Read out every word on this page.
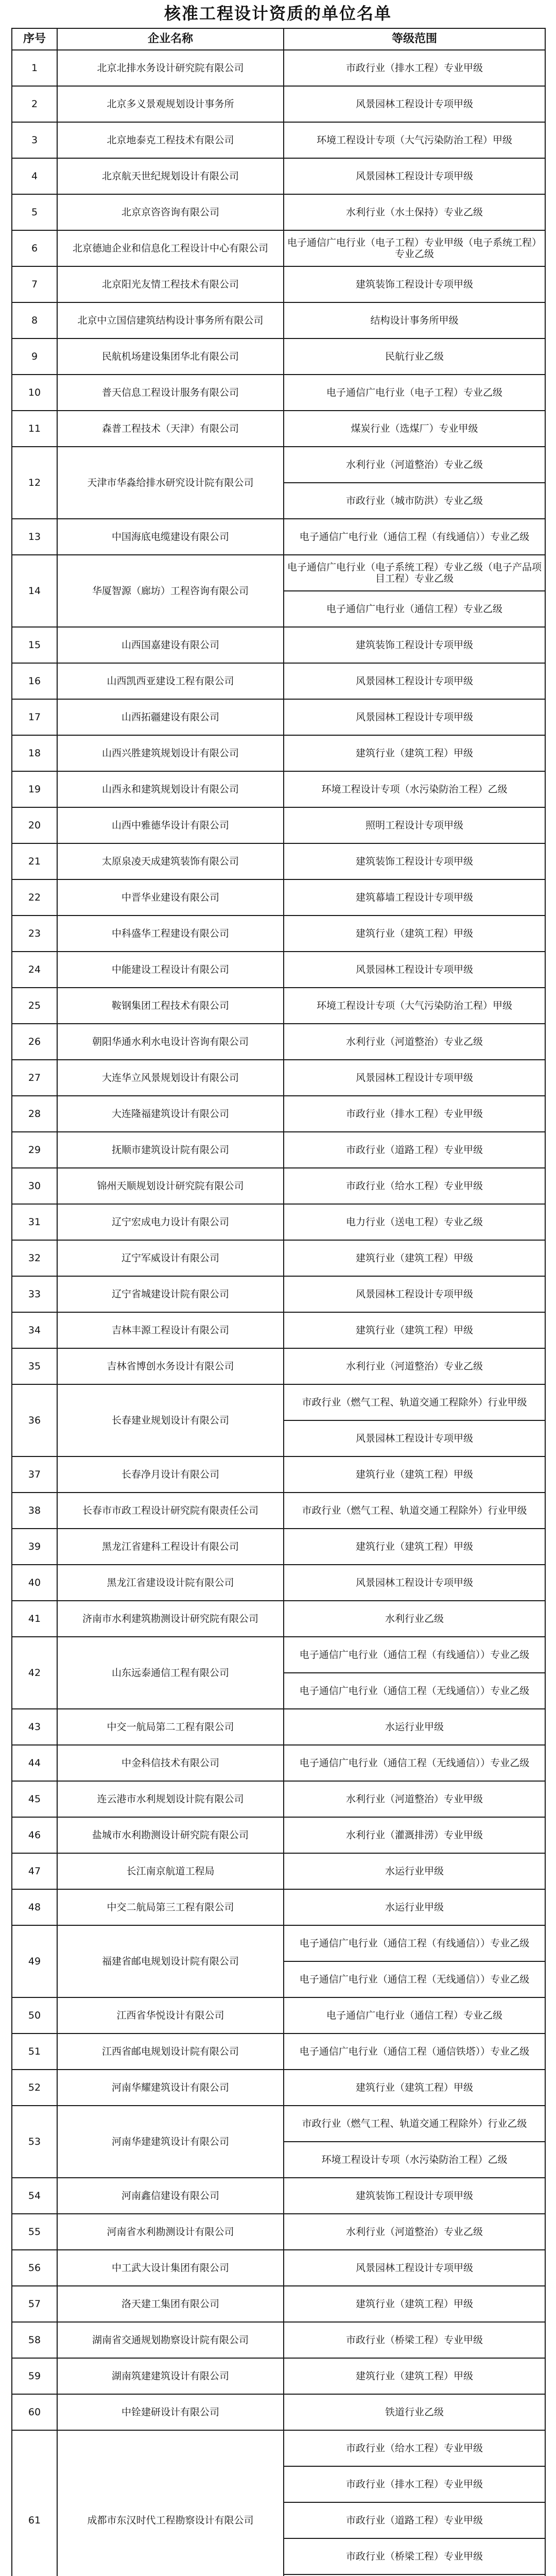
核准工程设计资质的单位名单
序号	企业名称	等级范围
1	北京北排水务设计研究院有限公司	市政行业（排水工程）专业甲级
2	北京多义景观规划设计事务所	风景园林工程设计专项甲级
3	北京地泰克工程技术有限公司	环境工程设计专项（大气污染防治工程）甲级
4	北京航天世纪规划设计有限公司	风景园林工程设计专项甲级
5	北京京咨咨询有限公司	水利行业（水土保持）专业乙级
6	北京德迪企业和信息化工程设计中心有限公司	电子通信广电行业（电子工程）专业甲级（电子系统工程）专业乙级
7	北京阳光友情工程技术有限公司	建筑装饰工程设计专项甲级
8	北京中立国信建筑结构设计事务所有限公司	结构设计事务所甲级
9	民航机场建设集团华北有限公司	民航行业乙级
10	普天信息工程设计服务有限公司	电子通信广电行业（电子工程）专业乙级
11	森普工程技术（天津）有限公司	煤炭行业（选煤厂）专业甲级
12	天津市华淼给排水研究设计院有限公司	水利行业（河道整治）专业乙级
		市政行业（城市防洪）专业乙级
13	中国海底电缆建设有限公司	电子通信广电行业（通信工程（有线通信））专业乙级
14	华厦智源（廊坊）工程咨询有限公司	电子通信广电行业（电子系统工程）专业乙级（电子产品项目工程）专业乙级
		电子通信广电行业（通信工程）专业乙级
15	山西国嘉建设有限公司	建筑装饰工程设计专项甲级
16	山西凯西亚建设工程有限公司	风景园林工程设计专项甲级
17	山西拓疆建设有限公司	风景园林工程设计专项甲级
18	山西兴胜建筑规划设计有限公司	建筑行业（建筑工程）甲级
19	山西永和建筑规划设计有限公司	环境工程设计专项（水污染防治工程）乙级
20	山西中雅德华设计有限公司	照明工程设计专项甲级
21	太原泉凌天成建筑装饰有限公司	建筑装饰工程设计专项甲级
22	中晋华业建设有限公司	建筑幕墙工程设计专项甲级
23	中科盛华工程建设有限公司	建筑行业（建筑工程）甲级
24	中能建设工程设计有限公司	风景园林工程设计专项甲级
25	鞍钢集团工程技术有限公司	环境工程设计专项（大气污染防治工程）甲级
26	朝阳华通水利水电设计咨询有限公司	水利行业（河道整治）专业乙级
27	大连华立风景规划设计有限公司	风景园林工程设计专项甲级
28	大连隆福建筑设计有限公司	市政行业（排水工程）专业甲级
29	抚顺市建筑设计院有限公司	市政行业（道路工程）专业甲级
30	锦州天顺规划设计研究院有限公司	市政行业（给水工程）专业甲级
31	辽宁宏成电力设计有限公司	电力行业（送电工程）专业乙级
32	辽宁军威设计有限公司	建筑行业（建筑工程）甲级
33	辽宁省城建设计院有限公司	风景园林工程设计专项甲级
34	吉林丰源工程设计有限公司	建筑行业（建筑工程）甲级
35	吉林省博创水务设计有限公司	水利行业（河道整治）专业乙级
36	长春建业规划设计有限公司	市政行业（燃气工程、轨道交通工程除外）行业甲级
		风景园林工程设计专项甲级
37	长春净月设计有限公司	建筑行业（建筑工程）甲级
38	长春市市政工程设计研究院有限责任公司	市政行业（燃气工程、轨道交通工程除外）行业甲级
39	黑龙江省建科工程设计有限公司	建筑行业（建筑工程）甲级
40	黑龙江省建设设计院有限公司	风景园林工程设计专项甲级
41	济南市水利建筑勘测设计研究院有限公司	水利行业乙级
42	山东远泰通信工程有限公司	电子通信广电行业（通信工程（有线通信））专业乙级
		电子通信广电行业（通信工程（无线通信））专业乙级
43	中交一航局第二工程有限公司	水运行业甲级
44	中金科信技术有限公司	电子通信广电行业（通信工程（无线通信））专业乙级
45	连云港市水利规划设计院有限公司	水利行业（河道整治）专业甲级
46	盐城市水利勘测设计研究院有限公司	水利行业（灌溉排涝）专业甲级
47	长江南京航道工程局	水运行业甲级
48	中交二航局第三工程有限公司	水运行业甲级
49	福建省邮电规划设计院有限公司	电子通信广电行业（通信工程（有线通信））专业乙级
		电子通信广电行业（通信工程（无线通信））专业乙级
50	江西省华悦设计有限公司	电子通信广电行业（通信工程）专业乙级
51	江西省邮电规划设计院有限公司	电子通信广电行业（通信工程（通信铁塔））专业乙级
52	河南华耀建筑设计有限公司	建筑行业（建筑工程）甲级
53	河南华建建筑设计有限公司	市政行业（燃气工程、轨道交通工程除外）行业乙级
		环境工程设计专项（水污染防治工程）乙级
54	河南鑫信建设有限公司	建筑装饰工程设计专项甲级
55	河南省水利勘测设计有限公司	水利行业（河道整治）专业乙级
56	中工武大设计集团有限公司	风景园林工程设计专项甲级
57	洛天建工集团有限公司	建筑行业（建筑工程）甲级
58	湖南省交通规划勘察设计院有限公司	市政行业（桥梁工程）专业甲级
59	湖南筑建建筑设计有限公司	建筑行业（建筑工程）甲级
60	中铨建研设计有限公司	铁道行业乙级
61	成都市东汉时代工程勘察设计有限公司	市政行业（给水工程）专业甲级
		市政行业（排水工程）专业甲级
		市政行业（道路工程）专业甲级
		市政行业（桥梁工程）专业甲级
